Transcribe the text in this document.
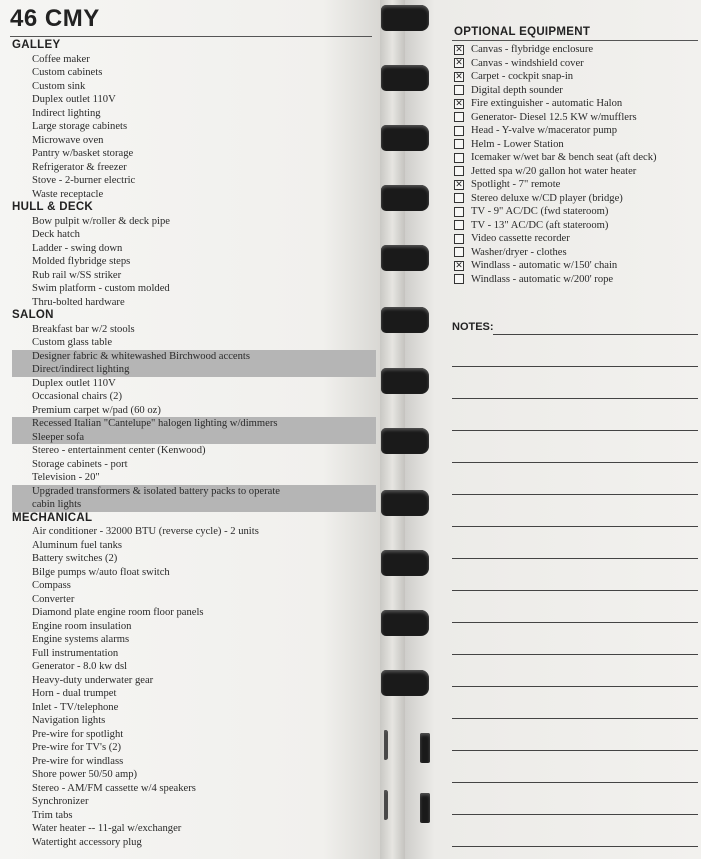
46 CMY
GALLEY
Coffee maker
Custom cabinets
Custom sink
Duplex outlet 110V
Indirect lighting
Large storage cabinets
Microwave oven
Pantry w/basket storage
Refrigerator & freezer
Stove - 2-burner electric
Waste receptacle
HULL & DECK
Bow pulpit w/roller & deck pipe
Deck hatch
Ladder - swing down
Molded flybridge steps
Rub rail w/SS striker
Swim platform - custom molded
Thru-bolted hardware
SALON
Breakfast bar w/2 stools
Custom glass table
Designer fabric & whitewashed Birchwood accents
Direct/indirect lighting
Duplex outlet 110V
Occasional chairs (2)
Premium carpet w/pad (60 oz)
Recessed Italian "Cantelupe" halogen lighting w/dimmers
Sleeper sofa
Stereo - entertainment center (Kenwood)
Storage cabinets - port
Television - 20"
Upgraded transformers & isolated battery packs to operate
cabin lights
MECHANICAL
Air conditioner - 32000 BTU (reverse cycle) - 2 units
Aluminum fuel tanks
Battery switches (2)
Bilge pumps w/auto float switch
Compass
Converter
Diamond plate engine room floor panels
Engine room insulation
Engine systems alarms
Full instrumentation
Generator - 8.0 kw dsl
Heavy-duty underwater gear
Horn - dual trumpet
Inlet - TV/telephone
Navigation lights
Pre-wire for spotlight
Pre-wire for TV's (2)
Pre-wire for windlass
Shore power 50/50 amp)
Stereo - AM/FM cassette w/4 speakers
Synchronizer
Trim tabs
Water heater -- 11-gal w/exchanger
Watertight accessory plug
OPTIONAL EQUIPMENT
✕ Canvas - flybridge enclosure
✕ Canvas - windshield cover
✕ Carpet - cockpit snap-in
Digital depth sounder
✕ Fire extinguisher - automatic Halon
Generator- Diesel 12.5 KW w/mufflers
Head - Y-valve w/macerator pump
Helm - Lower Station
Icemaker w/wet bar & bench seat (aft deck)
Jetted spa w/20 gallon hot water heater
✕ Spotlight - 7" remote
Stereo deluxe w/CD player (bridge)
TV - 9" AC/DC (fwd stateroom)
TV - 13" AC/DC (aft stateroom)
Video cassette recorder
Washer/dryer - clothes
✕ Windlass - automatic w/150' chain
Windlass - automatic w/200' rope
NOTES:
